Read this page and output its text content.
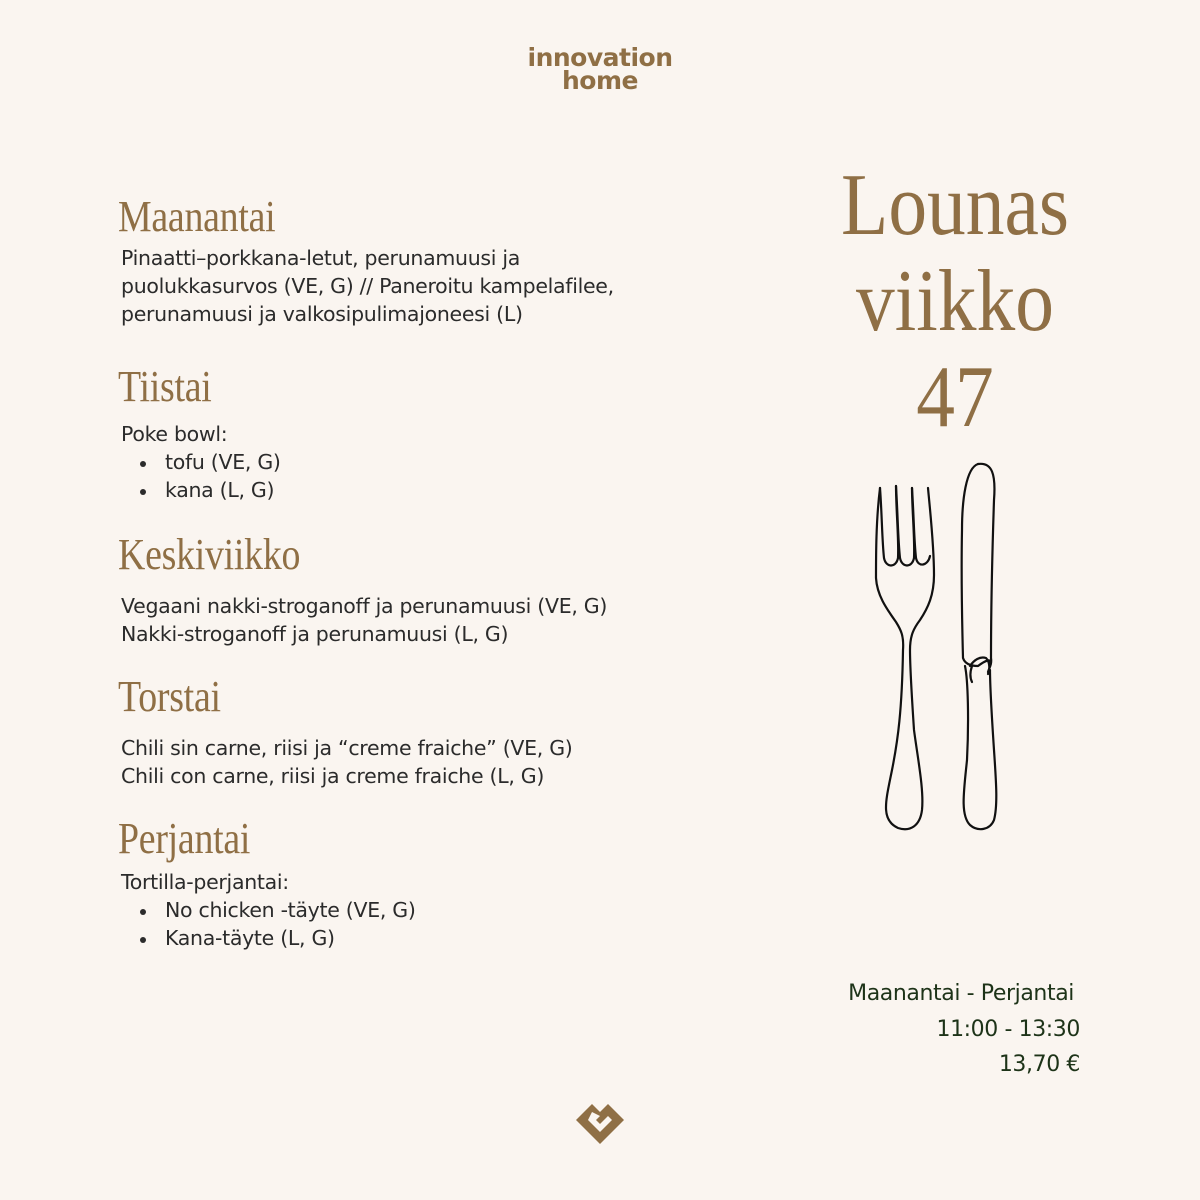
innovation
home
Lounas
viikko 47
Maanantai

Pinaatti–porkkana-letut, perunamuusi ja

puolukkasurvos (VE, G) // Paneroitu kampelafilee,

perunamuusi ja valkosipulimajoneesi (L)

Tiistai

Poke bowl:

tofu (VE, G)
kana (L, G)
Keskiviikko

Vegaani nakki-stroganoff ja perunamuusi (VE, G)

Nakki-stroganoff ja perunamuusi (L, G)

Torstai

Chili sin carne, riisi ja “creme fraiche” (VE, G)

Chili con carne, riisi ja creme fraiche (L, G)

Perjantai

Tortilla-perjantai:

No chicken -täyte (VE, G)
Kana-täyte (L, G)
Maanantai - Perjantai
11:00 - 13:30
13,70 €
